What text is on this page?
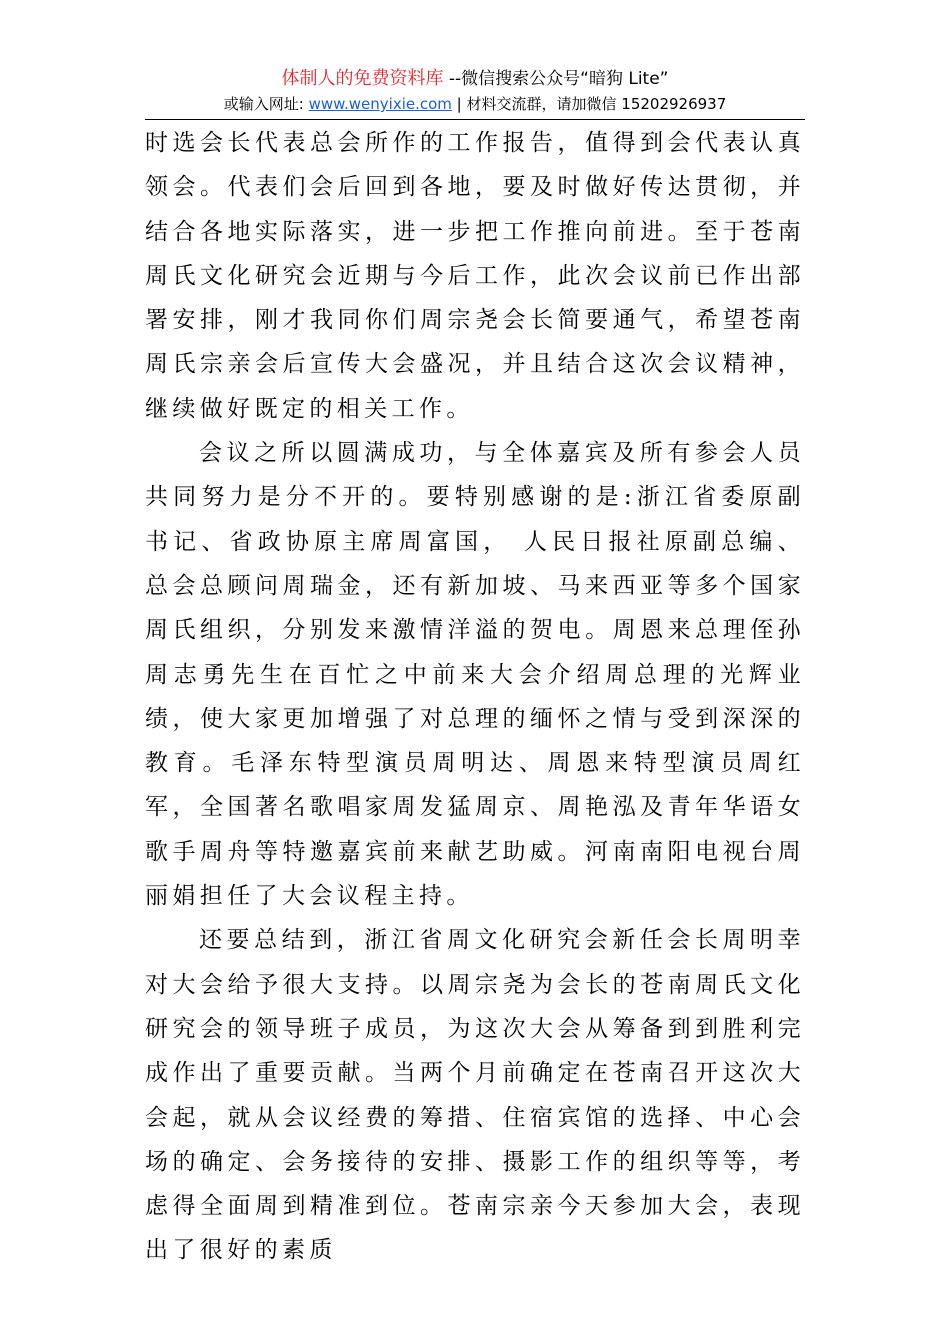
体制人的免费资料库 --微信搜索公众号“暗狗 Lite”
或输入网址: www.wenyixie.com | 材料交流群，请加微信 15202926937

时选会长代表总会所作的工作报告，值得到会代表认真领会。代表们会后回到各地，要及时做好传达贯彻，并结合各地实际落实，进一步把工作推向前进。至于苍南周氏文化研究会近期与今后工作，此次会议前已作出部署安排，刚才我同你们周宗尧会长简要通气，希望苍南周氏宗亲会后宣传大会盛况，并且结合这次会议精神，继续做好既定的相关工作。

会议之所以圆满成功，与全体嘉宾及所有参会人员共同努力是分不开的。要特别感谢的是:浙江省委原副书记、省政协原主席周富国， 人民日报社原副总编、总会总顾问周瑞金，还有新加坡、马来西亚等多个国家周氏组织，分别发来激情洋溢的贺电。周恩来总理侄孙周志勇先生在百忙之中前来大会介绍周总理的光辉业绩，使大家更加增强了对总理的缅怀之情与受到深深的教育。毛泽东特型演员周明达、周恩来特型演员周红军，全国著名歌唱家周发猛周京、周艳泓及青年华语女歌手周舟等特邀嘉宾前来献艺助威。河南南阳电视台周丽娟担任了大会议程主持。

还要总结到，浙江省周文化研究会新任会长周明幸对大会给予很大支持。以周宗尧为会长的苍南周氏文化研究会的领导班子成员，为这次大会从筹备到到胜利完成作出了重要贡献。当两个月前确定在苍南召开这次大会起，就从会议经费的筹措、住宿宾馆的选择、中心会场的确定、会务接待的安排、摄影工作的组织等等，考虑得全面周到精准到位。苍南宗亲今天参加大会，表现出了很好的素质
